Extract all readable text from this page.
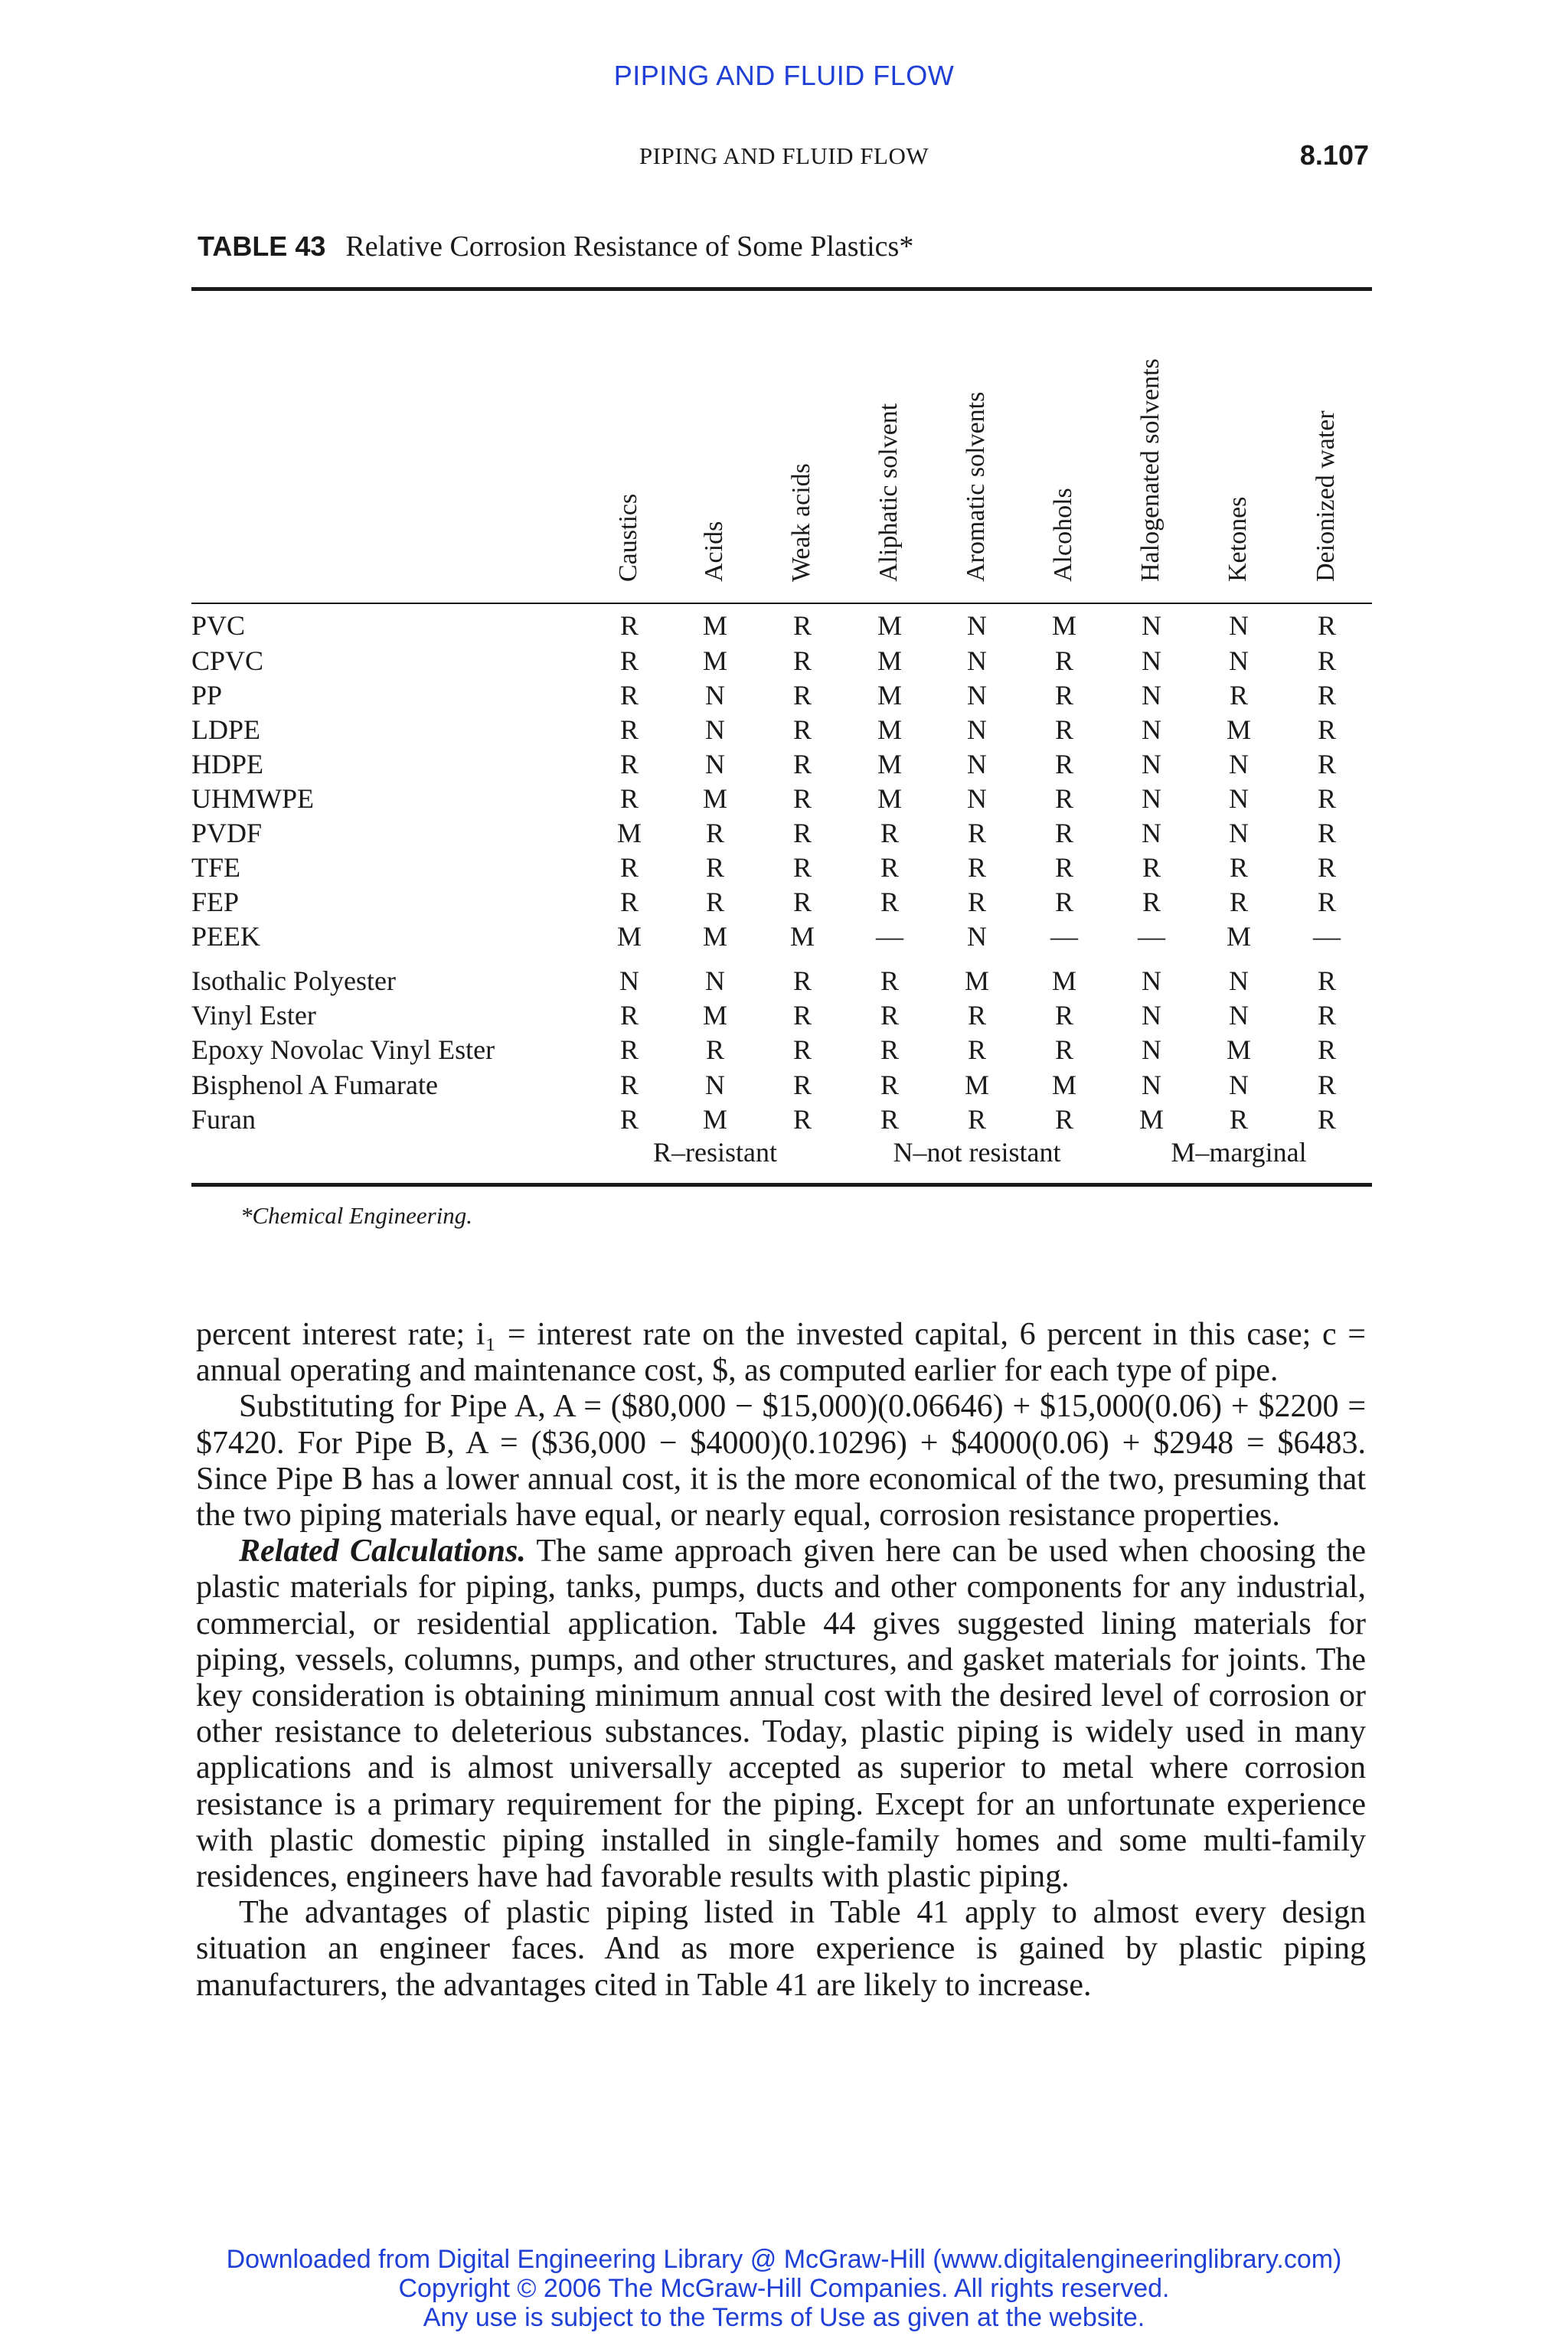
PIPING AND FLUID FLOW
PIPING AND FLUID FLOW	8.107
TABLE 43 Relative Corrosion Resistance of Some Plastics*
Caustics Acids Weak acids Aliphatic solvent Aromatic solvents Alcohols Halogenated solvents Ketones Deionized water
PVC	R M R M N M N N R
CPVC	R M R M N R N N R
PP	R N R M N R N R	R
LDPE	R N R M N R N M R
HDPE	R N R M N R N N R
UHMWPE	R M R M N R N N R
PVDF	M R R R R R N N R
TFE	R R R R R R R R	R
FEP	R R R R R R R R	R
PEEK	M M M — N — — M —
Isothalic Polyester	N N R R M M N N R
Vinyl Ester	R M R R R R N N R
Epoxy Novolac Vinyl Ester	R R R R R R N M R
Bisphenol A Fumarate	R N R R M M N N R
Furan	R M R R R R M R	R
R–resistant	N–not resistant	M–marginal
*Chemical Engineering.

percent interest rate; i₁ = interest rate on the invested capital, 6 percent in this case; c = annual operating and maintenance cost, $, as computed earlier for each type of pipe.

Substituting for Pipe A, A = ($80,000 − $15,000)(0.06646) + $15,000(0.06) + $2200 = $7420. For Pipe B, A = ($36,000 − $4000)(0.10296) + $4000(0.06) + $2948 = $6483. Since Pipe B has a lower annual cost, it is the more economical of the two, presuming that the two piping materials have equal, or nearly equal, corrosion resistance properties.

Related Calculations. The same approach given here can be used when choosing the plastic materials for piping, tanks, pumps, ducts and other components for any industrial, commercial, or residential application. Table 44 gives suggested lining materials for piping, vessels, columns, pumps, and other structures, and gasket materials for joints. The key consideration is obtaining minimum annual cost with the desired level of corrosion or other resistance to deleterious substances. Today, plastic piping is widely used in many applications and is almost universally accepted as superior to metal where corrosion resistance is a primary requirement for the piping. Except for an unfortunate experience with plastic domestic piping installed in single-family homes and some multi-family residences, engineers have had favorable results with plastic piping.

The advantages of plastic piping listed in Table 41 apply to almost every design situation an engineer faces. And as more experience is gained by plastic piping manufacturers, the advantages cited in Table 41 are likely to increase.

Downloaded from Digital Engineering Library @ McGraw-Hill (www.digitalengineeringlibrary.com)
Copyright © 2006 The McGraw-Hill Companies. All rights reserved.
Any use is subject to the Terms of Use as given at the website.
